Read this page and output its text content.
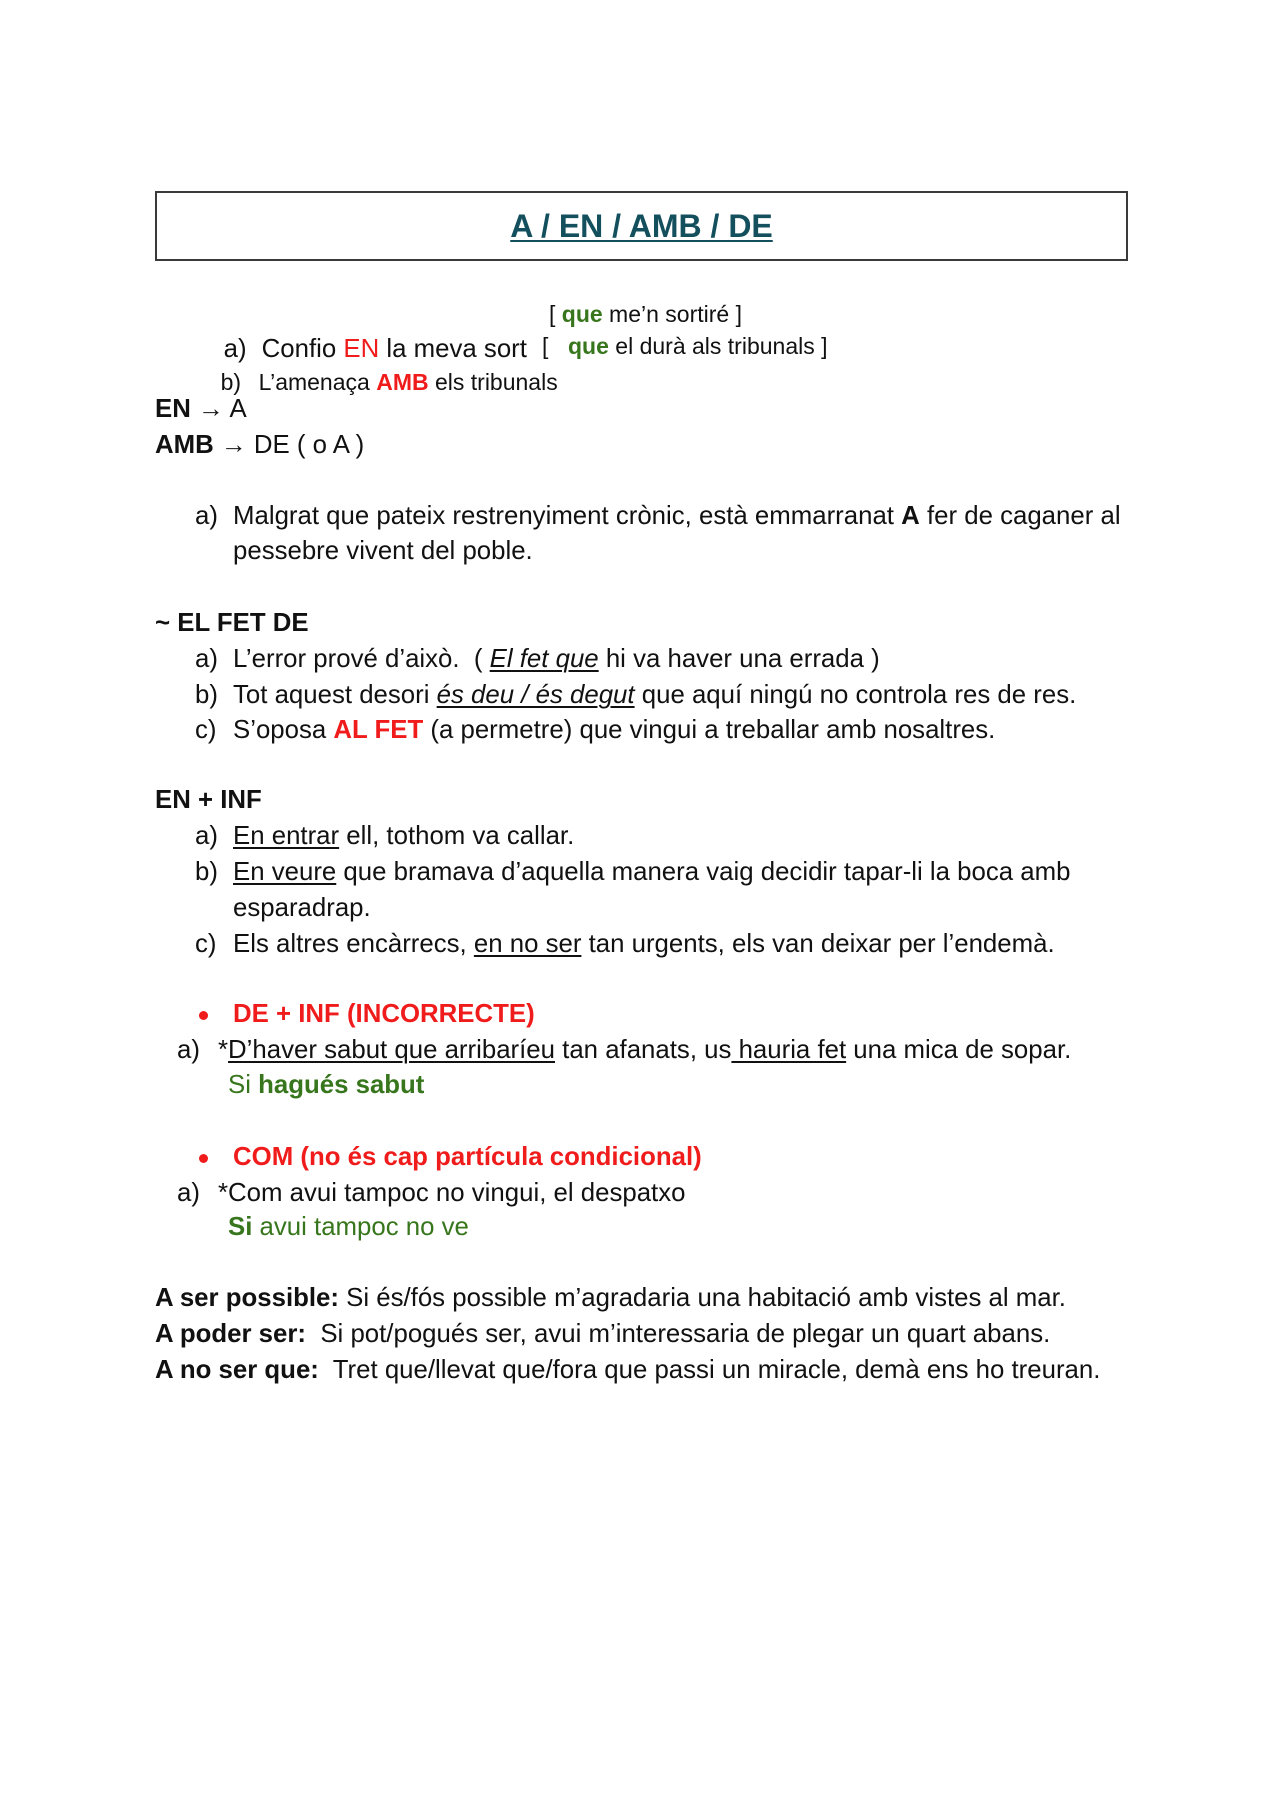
A / EN / AMB / DE

a) Confio EN la meva sort

[ que me’n sortiré ]

b) L’amenaça AMB els tribunals

[

que el durà als tribunals ]

EN → A
AMB → DE ( o A )
a) Malgrat que pateix restrenyiment crònic, està emmarranat A fer de caganer al
pessebre vivent del poble.
~ EL FET DE
a) L’error prové d’això.  ( El fet que hi va haver una errada )
b) Tot aquest desori és deu / és degut que aquí ningú no controla res de res.
c) S’oposa AL FET (a permetre) que vingui a treballar amb nosaltres.
EN + INF
a) En entrar ell, tothom va callar.
b) En veure que bramava d’aquella manera vaig decidir tapar-li la boca amb
esparadrap.
c) Els altres encàrrecs, en no ser tan urgents, els van deixar per l’endemà.
DE + INF (INCORRECTE)
a) *D’haver sabut que arribaríeu tan afanats, us hauria fet una mica de sopar.
Si hagués sabut
COM (no és cap partícula condicional)
a) *Com avui tampoc no vingui, el despatxo
Si avui tampoc no ve
A ser possible: Si és/fós possible m’agradaria una habitació amb vistes al mar.
A poder ser:  Si pot/pogués ser, avui m’interessaria de plegar un quart abans.
A no ser que:  Tret que/llevat que/fora que passi un miracle, demà ens ho treuran.
